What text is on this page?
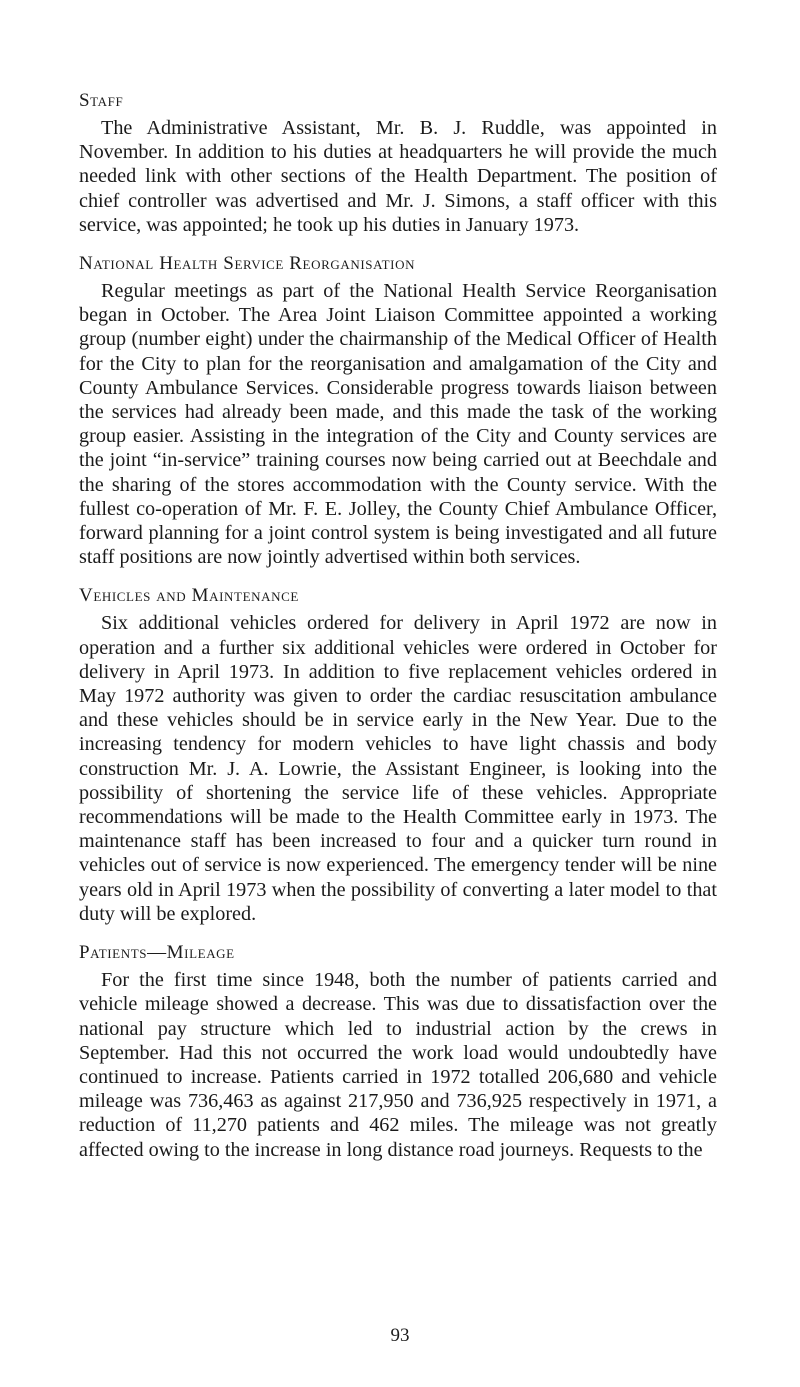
Staff

The Administrative Assistant, Mr. B. J. Ruddle, was appointed in November. In addition to his duties at headquarters he will provide the much needed link with other sections of the Health Department. The position of chief controller was advertised and Mr. J. Simons, a staff officer with this service, was appointed; he took up his duties in January 1973.

National Health Service Reorganisation

Regular meetings as part of the National Health Service Reorganisation began in October. The Area Joint Liaison Committee appointed a working group (number eight) under the chairmanship of the Medical Officer of Health for the City to plan for the reorganisation and amalgamation of the City and County Ambulance Services. Considerable progress towards liaison between the services had already been made, and this made the task of the working group easier. Assisting in the integration of the City and County services are the joint “in-service” training courses now being carried out at Beechdale and the sharing of the stores accommodation with the County service. With the fullest co-operation of Mr. F. E. Jolley, the County Chief Ambulance Officer, forward planning for a joint control system is being investigated and all future staff positions are now jointly advertised within both services.

Vehicles and Maintenance

Six additional vehicles ordered for delivery in April 1972 are now in operation and a further six additional vehicles were ordered in October for delivery in April 1973. In addition to five replacement vehicles ordered in May 1972 authority was given to order the cardiac resuscitation ambulance and these vehicles should be in service early in the New Year. Due to the increasing tendency for modern vehicles to have light chassis and body construction Mr. J. A. Lowrie, the Assistant Engineer, is looking into the possibility of shortening the service life of these vehicles. Appropriate recommendations will be made to the Health Committee early in 1973. The maintenance staff has been increased to four and a quicker turn round in vehicles out of service is now experienced. The emergency tender will be nine years old in April 1973 when the possibility of converting a later model to that duty will be explored.

Patients—Mileage

For the first time since 1948, both the number of patients carried and vehicle mileage showed a decrease. This was due to dissatisfaction over the national pay structure which led to industrial action by the crews in September. Had this not occurred the work load would undoubtedly have continued to increase. Patients carried in 1972 totalled 206,680 and vehicle mileage was 736,463 as against 217,950 and 736,925 respectively in 1971, a reduction of 11,270 patients and 462 miles. The mileage was not greatly affected owing to the increase in long distance road journeys. Requests to the

93
